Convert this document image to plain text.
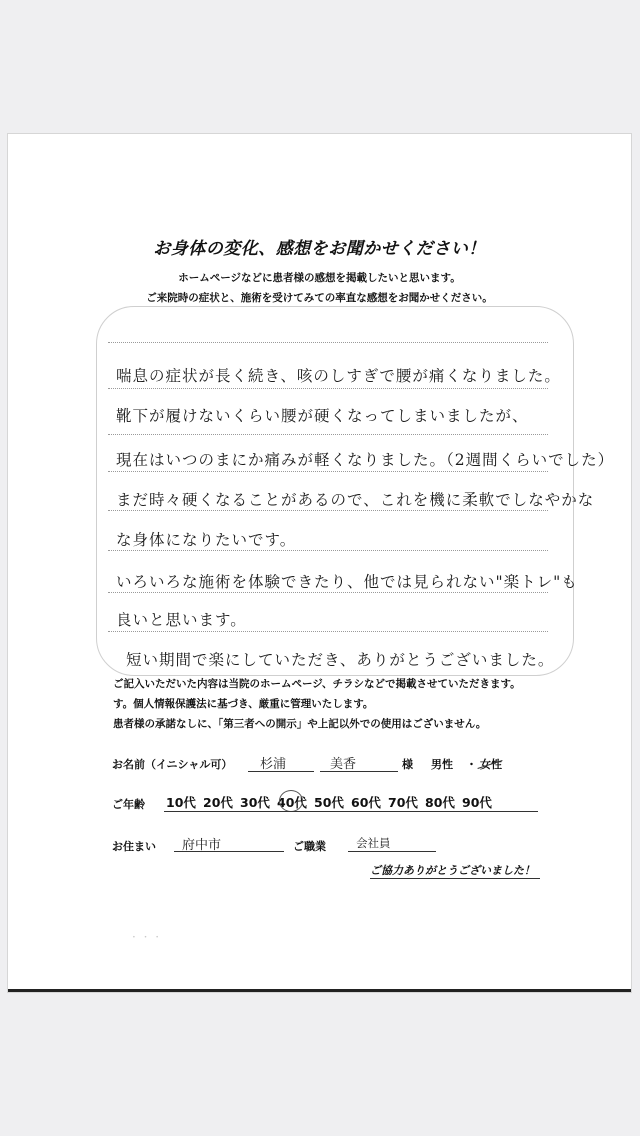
お身体の変化、感想をお聞かせください！
ホームページなどに患者様の感想を掲載したいと思います。
ご来院時の症状と、施術を受けてみての率直な感想をお聞かせください。
喘息の症状が長く続き、咳のしすぎで腰が痛くなりました。
靴下が履けないくらい腰が硬くなってしまいましたが、
現在はいつのまにか痛みが軽くなりました。（2週間くらいでした）
まだ時々硬くなることがあるので、これを機に柔軟でしなやかな
な身体になりたいです。
いろいろな施術を体験できたり、他では見られない"楽トレ"も
良いと思います。
短い期間で楽にしていただき、ありがとうございました。
ご記入いただいた内容は当院のホームページ、チラシなどで掲載させていただきます。
す。個人情報保護法に基づき、厳重に管理いたします。
患者様の承諾なしに、「第三者への開示」や上記以外での使用はございません。
お名前（イニシャル可） 杉浦	美香	様 男性 ・ 女性
ご年齢 10代 20代 30代 40代 50代 60代 70代 80代 90代
お住まい 府中市	ご職業	会社員
ご協力ありがとうございました！
· · ·
